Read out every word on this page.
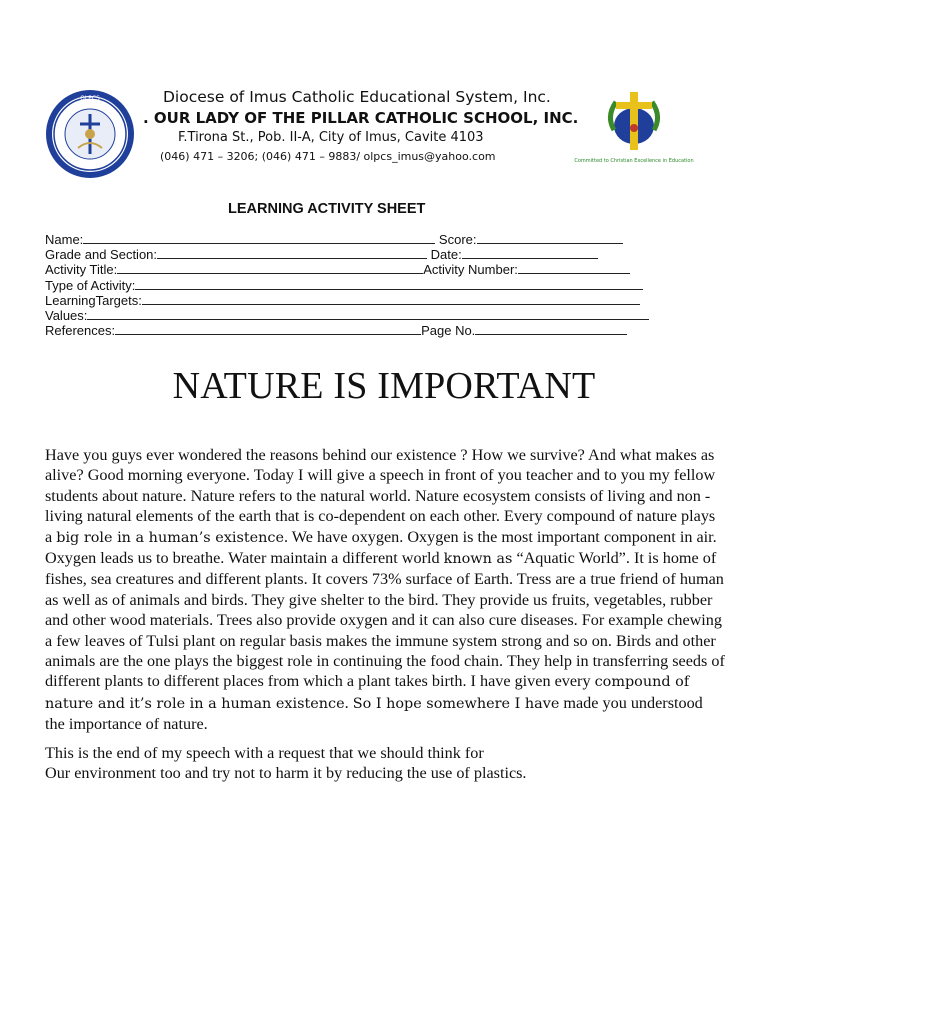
OLPCS
Committed to Christian Excellence in Education
Diocese of Imus Catholic Educational System, Inc.
. OUR LADY OF THE PILLAR CATHOLIC SCHOOL, INC.
F.Tirona St., Pob. II-A, City of Imus, Cavite 4103
(046) 471 – 3206; (046) 471 – 9883/ olpcs_imus@yahoo.com
LEARNING ACTIVITY SHEET
Name:	Score:
Grade and Section:	Date:
Activity Title:	Activity Number:
Type of Activity:
LearningTargets:
Values:
References:	Page No.
NATURE IS IMPORTANT

Have you guys ever wondered the reasons behind our existence ? How we survive? And what makes as alive? Good morning everyone. Today I will give a speech in front of you teacher and to you my fellow students about nature. Nature refers to the natural world. Nature ecosystem consists of living and non - living natural elements of the earth that is co-dependent on each other. Every compound of nature plays a big role in a human’s existence. We have oxygen. Oxygen is the most important component in air. Oxygen leads us to breathe. Water maintain a different world known as “Aquatic World”. It is home of fishes, sea creatures and different plants. It covers 73% surface of Earth. Tress are a true friend of human as well as of animals and birds. They give shelter to the bird. They provide us fruits, vegetables, rubber and other wood materials. Trees also provide oxygen and it can also cure diseases. For example chewing a few leaves of Tulsi plant on regular basis makes the immune system strong and so on. Birds and other animals are the one plays the biggest role in continuing the food chain. They help in transferring seeds of different plants to different places from which a plant takes birth. I have given every compound of nature and it’s role in a human existence. So I hope somewhere I have made you understood the importance of nature.

This is the end of my speech with a request that we should think for
Our environment too and try not to harm it by reducing the use of plastics.
